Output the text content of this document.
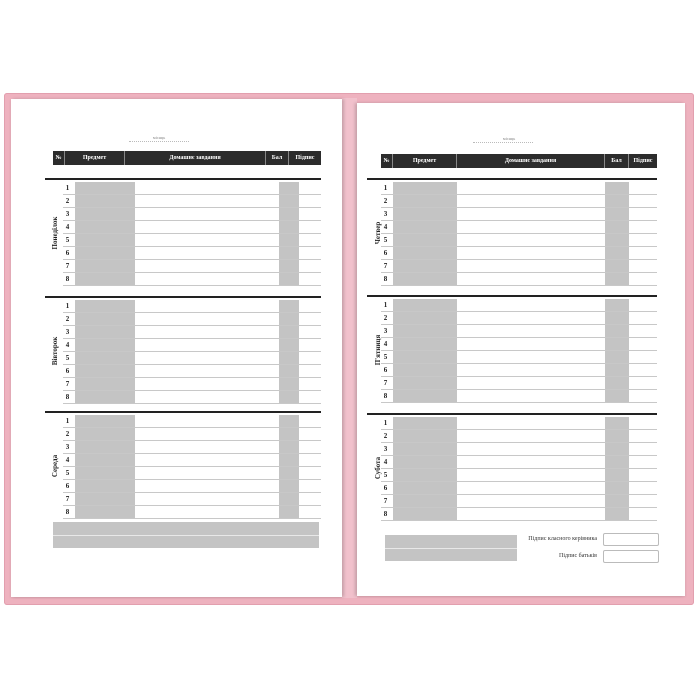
місяць
№	Предмет	Домашнє завдання	Бал	Підпис
1
2
3
4
5
6
7
8
Понеділок
1
2
3
4
5
6
7
8
Вівторок
1
2
3
4
5
6
7
8
Середа
місяць
№	Предмет	Домашнє завдання	Бал	Підпис
1
2
3
4
5
6
7
8
Четвер
1
2
3
4
5
6
7
8
П'ятниця
1
2
3
4
5
6
7
8
Субота
Підпис класного керівника
Підпис батьків
